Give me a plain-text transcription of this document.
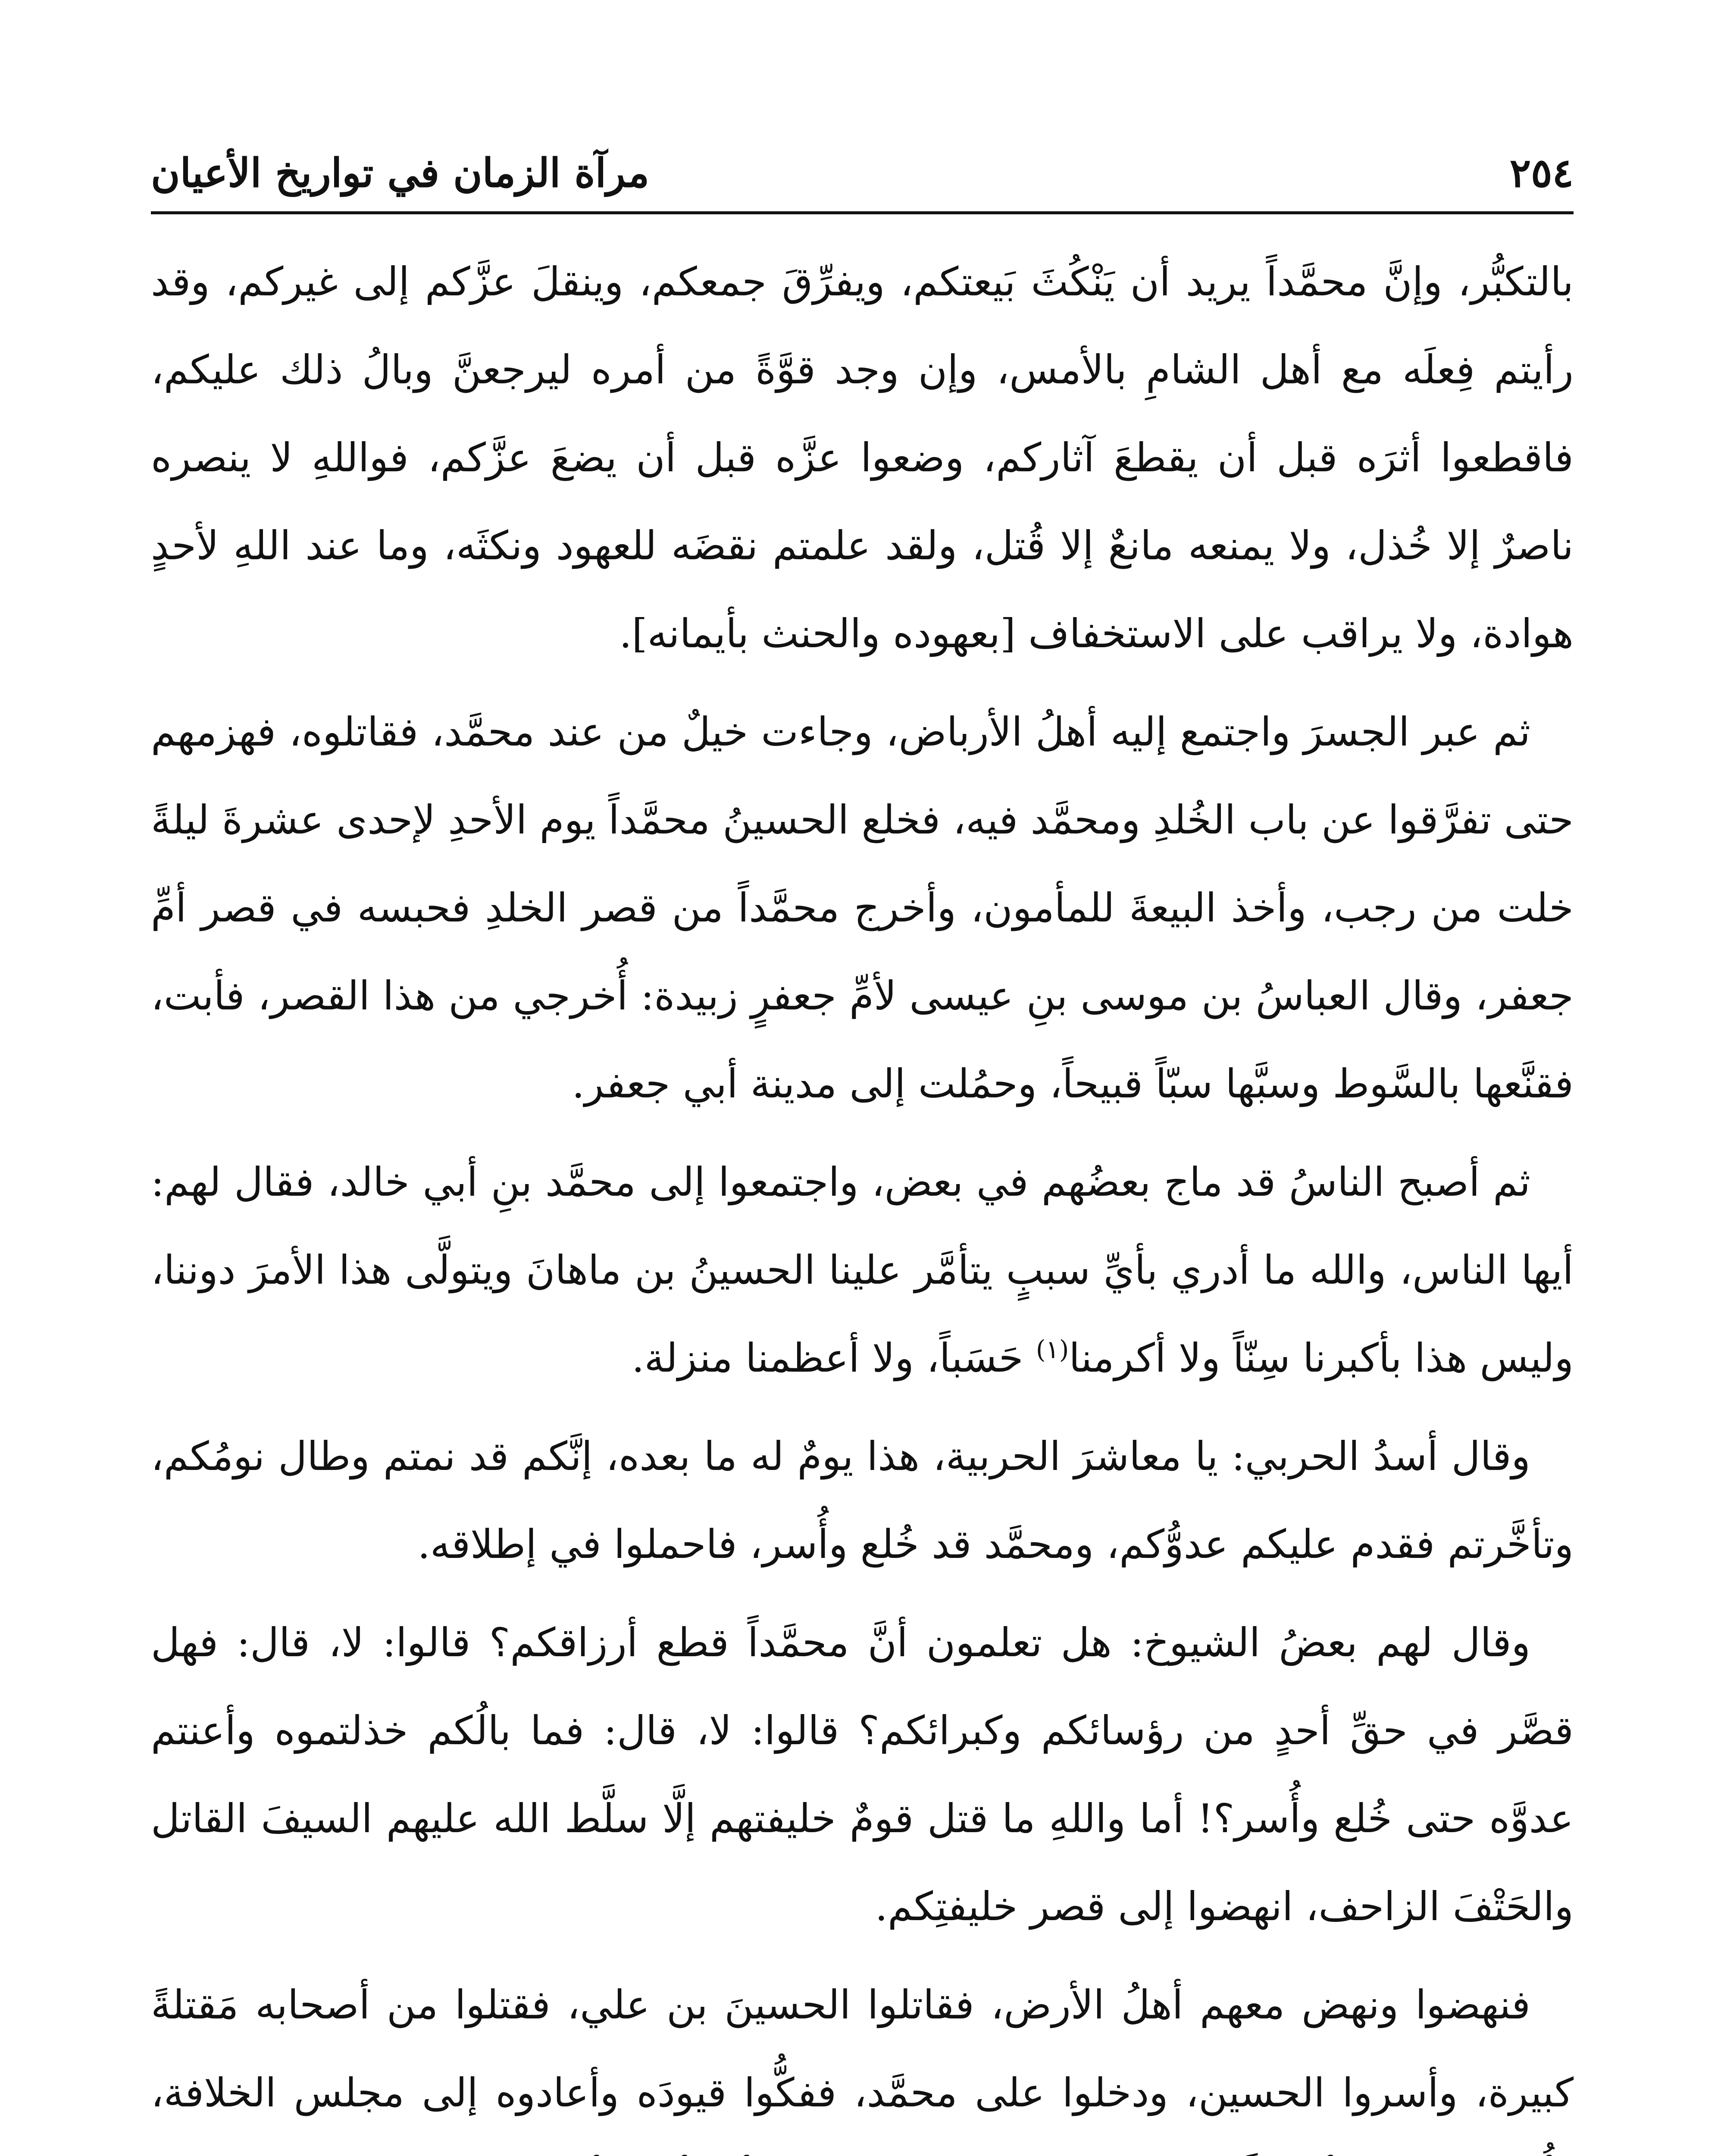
٢٥٤
مرآة الزمان في تواريخ الأعيان

بالتكبُّر، وإنَّ محمَّداً يريد أن يَنْكُثَ بَيعتكم، ويفرِّقَ جمعكم، وينقلَ عزَّكم إلى غيركم، وقد رأيتم فِعلَه مع أهل الشامِ بالأمس، وإن وجد قوَّةً من أمره ليرجعنَّ وبالُ ذلك عليكم، فاقطعوا أثرَه قبل أن يقطعَ آثاركم، وضعوا عزَّه قبل أن يضعَ عزَّكم، فواللهِ لا ينصره ناصرٌ إلا خُذل، ولا يمنعه مانعٌ إلا قُتل، ولقد علمتم نقضَه للعهود ونكثَه، وما عند اللهِ لأحدٍ هوادة، ولا يراقب على الاستخفاف [بعهوده والحنث بأيمانه].

ثم عبر الجسرَ واجتمع إليه أهلُ الأرباض، وجاءت خيلٌ من عند محمَّد، فقاتلوه، فهزمهم حتى تفرَّقوا عن باب الخُلدِ ومحمَّد فيه، فخلع الحسينُ محمَّداً يوم الأحدِ لإحدى عشرةَ ليلةً خلت من رجب، وأخذ البيعةَ للمأمون، وأخرج محمَّداً من قصر الخلدِ فحبسه في قصر أمِّ جعفر، وقال العباسُ بن موسى بنِ عيسى لأمِّ جعفرٍ زبيدة: أُخرجي من هذا القصر، فأبت، فقنَّعها بالسَّوط وسبَّها سبّاً قبيحاً، وحمُلت إلى مدينة أبي جعفر.

ثم أصبح الناسُ قد ماج بعضُهم في بعض، واجتمعوا إلى محمَّد بنِ أبي خالد، فقال لهم: أيها الناس، والله ما أدري بأيِّ سببٍ يتأمَّر علينا الحسينُ بن ماهانَ ويتولَّى هذا الأمرَ دوننا، وليس هذا بأكبرنا سِنّاً ولا أكرمنا$^{(١)}$ حَسَباً، ولا أعظمنا منزلة.

وقال أسدُ الحربي: يا معاشرَ الحربية، هذا يومٌ له ما بعده، إنَّكم قد نمتم وطال نومُكم، وتأخَّرتم فقدم عليكم عدوُّكم، ومحمَّد قد خُلع وأُسر، فاحملوا في إطلاقه.

وقال لهم بعضُ الشيوخ: هل تعلمون أنَّ محمَّداً قطع أرزاقكم؟ قالوا: لا، قال: فهل قصَّر في حقِّ أحدٍ من رؤسائكم وكبرائكم؟ قالوا: لا، قال: فما بالُكم خذلتموه وأعنتم عدوَّه حتى خُلع وأُسر؟! أما واللهِ ما قتل قومٌ خليفتهم إلَّا سلَّط الله عليهم السيفَ القاتل والحَتْفَ الزاحف، انهضوا إلى قصر خليفتِكم.

فنهضوا ونهض معهم أهلُ الأرض، فقاتلوا الحسينَ بن علي، فقتلوا من أصحابه مَقتلةً كبيرة، وأسروا الحسين، ودخلوا على محمَّد، ففكُّوا قيودَه وأعادوه إلى مجلس الخلافة،
